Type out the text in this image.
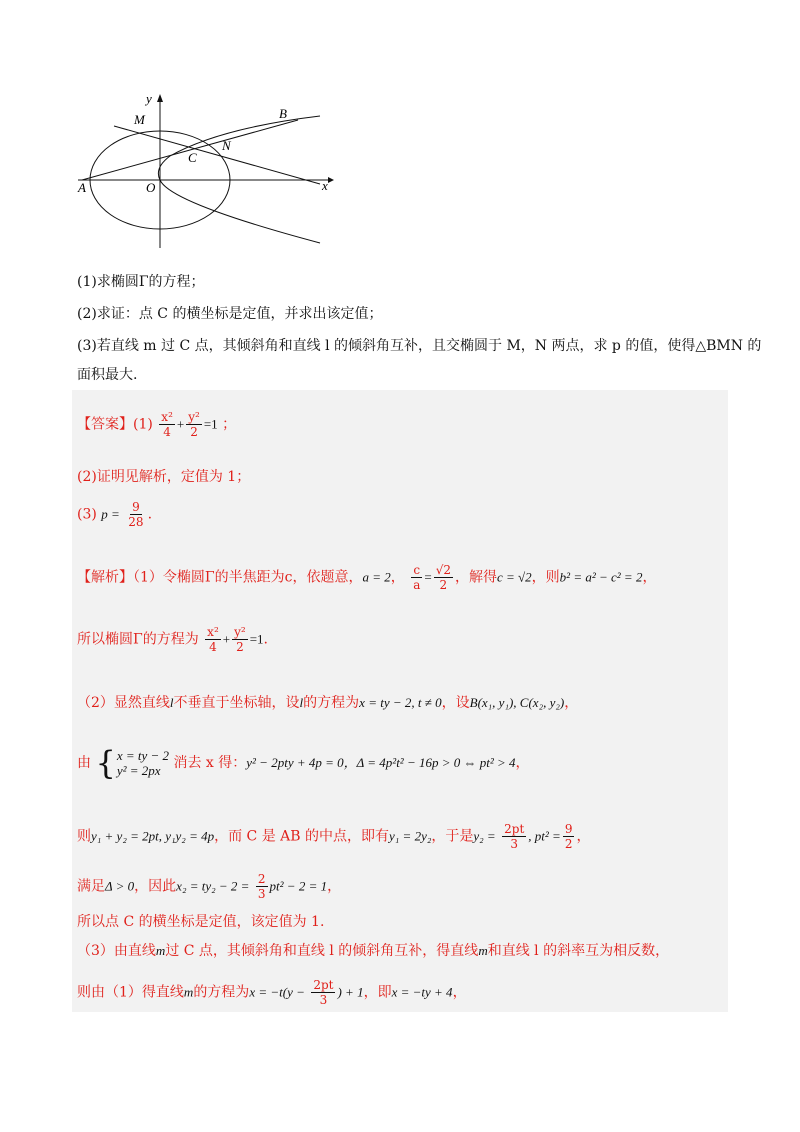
y
x
M	B
N
C
A	O
(1)求椭圆Γ的方程；
(2)求证：点 C 的横坐标是定值，并求出该定值；
(3)若直线 m 过 C 点，其倾斜角和直线 l 的倾斜角互补，且交椭圆于 M，N 两点，求 p 的值，使得△BMN 的
面积最大.
【答案】$(1) \frac{\text{x²}}{4} + \frac{\text{y²}}{2} =1$ ；
(2)证明见解析，定值为 1；
(3) $p = \frac{9}{28}$ .
【解析】（1）令椭圆Γ的半焦距为c，依题意，a = 2， $\frac{c}{a} = \frac{√2}{2}$ ，解得c = √2，则b² = a² − c² = 2，
所以椭圆Γ的方程为 $\frac{\text{x²}}{4} + \frac{\text{y²}}{2} =1$.
（2）显然直线l不垂直于坐标轴，设l的方程为x = ty − 2, t ≠ 0，设B(x₁, y₁), C(x₂, y₂)，
由 { x = ty − 2
y² = 2px 消去 x 得：y² − 2pty + 4p = 0，Δ = 4p²t² − 16p > 0 ⇔ pt² > 4，
则y₁ + y₂ = 2pt, y₁y₂ = 4p，而 C 是 AB 的中点，即有y₁ = 2y₂，于是$y_2 = \frac{2pt}{3}$ , $pt^2 = \frac{9}{2}$ ，
满足Δ > 0，因此$x_2 = ty_2 - 2 = \frac{2}{3} pt^2 - 2 = 1$，
所以点 C 的横坐标是定值，该定值为 1.
（3）由直线m过 C 点，其倾斜角和直线 l 的倾斜角互补，得直线m和直线 l 的斜率互为相反数，
则由（1）得直线m的方程为$x = -t(y - \frac{2pt}{3}$ ) + 1，即x = −ty + 4，
